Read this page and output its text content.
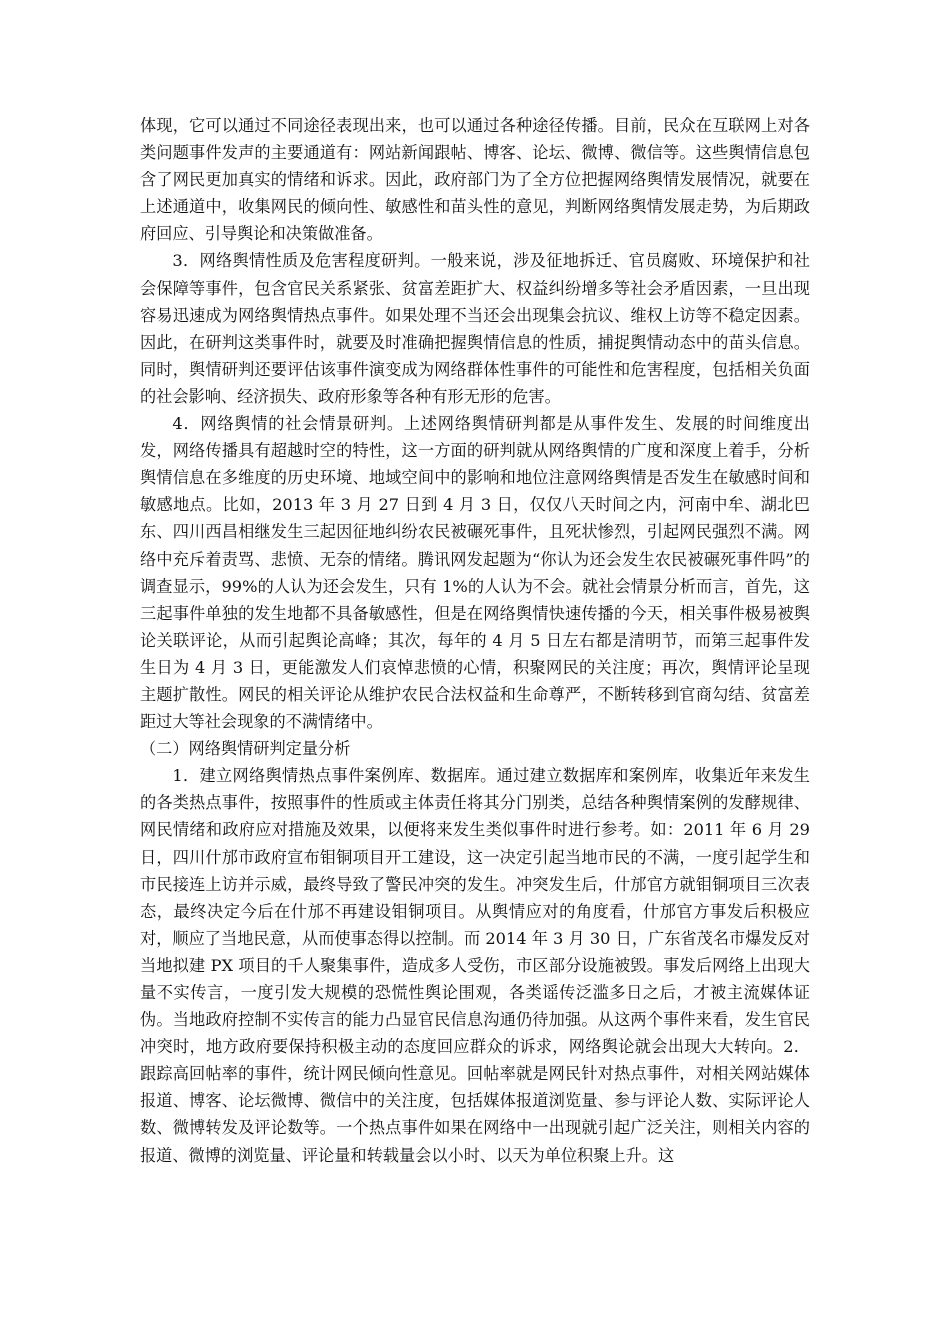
体现，它可以通过不同途径表现出来，也可以通过各种途径传播。目前，民众在互联网上对各类问题事件发声的主要通道有：网站新闻跟帖、博客、论坛、微博、微信等。这些舆情信息包含了网民更加真实的情绪和诉求。因此，政府部门为了全方位把握网络舆情发展情况，就要在上述通道中，收集网民的倾向性、敏感性和苗头性的意见，判断网络舆情发展走势，为后期政府回应、引导舆论和决策做准备。

3．网络舆情性质及危害程度研判。一般来说，涉及征地拆迁、官员腐败、环境保护和社会保障等事件，包含官民关系紧张、贫富差距扩大、权益纠纷增多等社会矛盾因素，一旦出现容易迅速成为网络舆情热点事件。如果处理不当还会出现集会抗议、维权上访等不稳定因素。因此，在研判这类事件时，就要及时准确把握舆情信息的性质，捕捉舆情动态中的苗头信息。同时，舆情研判还要评估该事件演变成为网络群体性事件的可能性和危害程度，包括相关负面的社会影响、经济损失、政府形象等各种有形无形的危害。

4．网络舆情的社会情景研判。上述网络舆情研判都是从事件发生、发展的时间维度出发，网络传播具有超越时空的特性，这一方面的研判就从网络舆情的广度和深度上着手，分析舆情信息在多维度的历史环境、地域空间中的影响和地位注意网络舆情是否发生在敏感时间和敏感地点。比如，2013 年 3 月 27 日到 4 月 3 日，仅仅八天时间之内，河南中牟、湖北巴东、四川西昌相继发生三起因征地纠纷农民被碾死事件，且死状惨烈，引起网民强烈不满。网络中充斥着责骂、悲愤、无奈的情绪。腾讯网发起题为“你认为还会发生农民被碾死事件吗”的调查显示，99%的人认为还会发生，只有 1%的人认为不会。就社会情景分析而言，首先，这三起事件单独的发生地都不具备敏感性，但是在网络舆情快速传播的今天，相关事件极易被舆论关联评论，从而引起舆论高峰；其次，每年的 4 月 5 日左右都是清明节，而第三起事件发生日为 4 月 3 日，更能激发人们哀悼悲愤的心情，积聚网民的关注度；再次，舆情评论呈现主题扩散性。网民的相关评论从维护农民合法权益和生命尊严，不断转移到官商勾结、贫富差距过大等社会现象的不满情绪中。

（二）网络舆情研判定量分析

1．建立网络舆情热点事件案例库、数据库。通过建立数据库和案例库，收集近年来发生的各类热点事件，按照事件的性质或主体责任将其分门别类，总结各种舆情案例的发酵规律、网民情绪和政府应对措施及效果，以便将来发生类似事件时进行参考。如：2011 年 6 月 29 日，四川什邡市政府宣布钼铜项目开工建设，这一决定引起当地市民的不满，一度引起学生和市民接连上访并示威，最终导致了警民冲突的发生。冲突发生后，什邡官方就钼铜项目三次表态，最终决定今后在什邡不再建设钼铜项目。从舆情应对的角度看，什邡官方事发后积极应对，顺应了当地民意，从而使事态得以控制。而 2014 年 3 月 30 日，广东省茂名市爆发反对当地拟建 PX 项目的千人聚集事件，造成多人受伤，市区部分设施被毁。事发后网络上出现大量不实传言，一度引发大规模的恐慌性舆论围观，各类谣传泛滥多日之后，才被主流媒体证伪。当地政府控制不实传言的能力凸显官民信息沟通仍待加强。从这两个事件来看，发生官民冲突时，地方政府要保持积极主动的态度回应群众的诉求，网络舆论就会出现大大转向。2．跟踪高回帖率的事件，统计网民倾向性意见。回帖率就是网民针对热点事件，对相关网站媒体报道、博客、论坛微博、微信中的关注度，包括媒体报道浏览量、参与评论人数、实际评论人数、微博转发及评论数等。一个热点事件如果在网络中一出现就引起广泛关注，则相关内容的报道、微博的浏览量、评论量和转载量会以小时、以天为单位积聚上升。这
